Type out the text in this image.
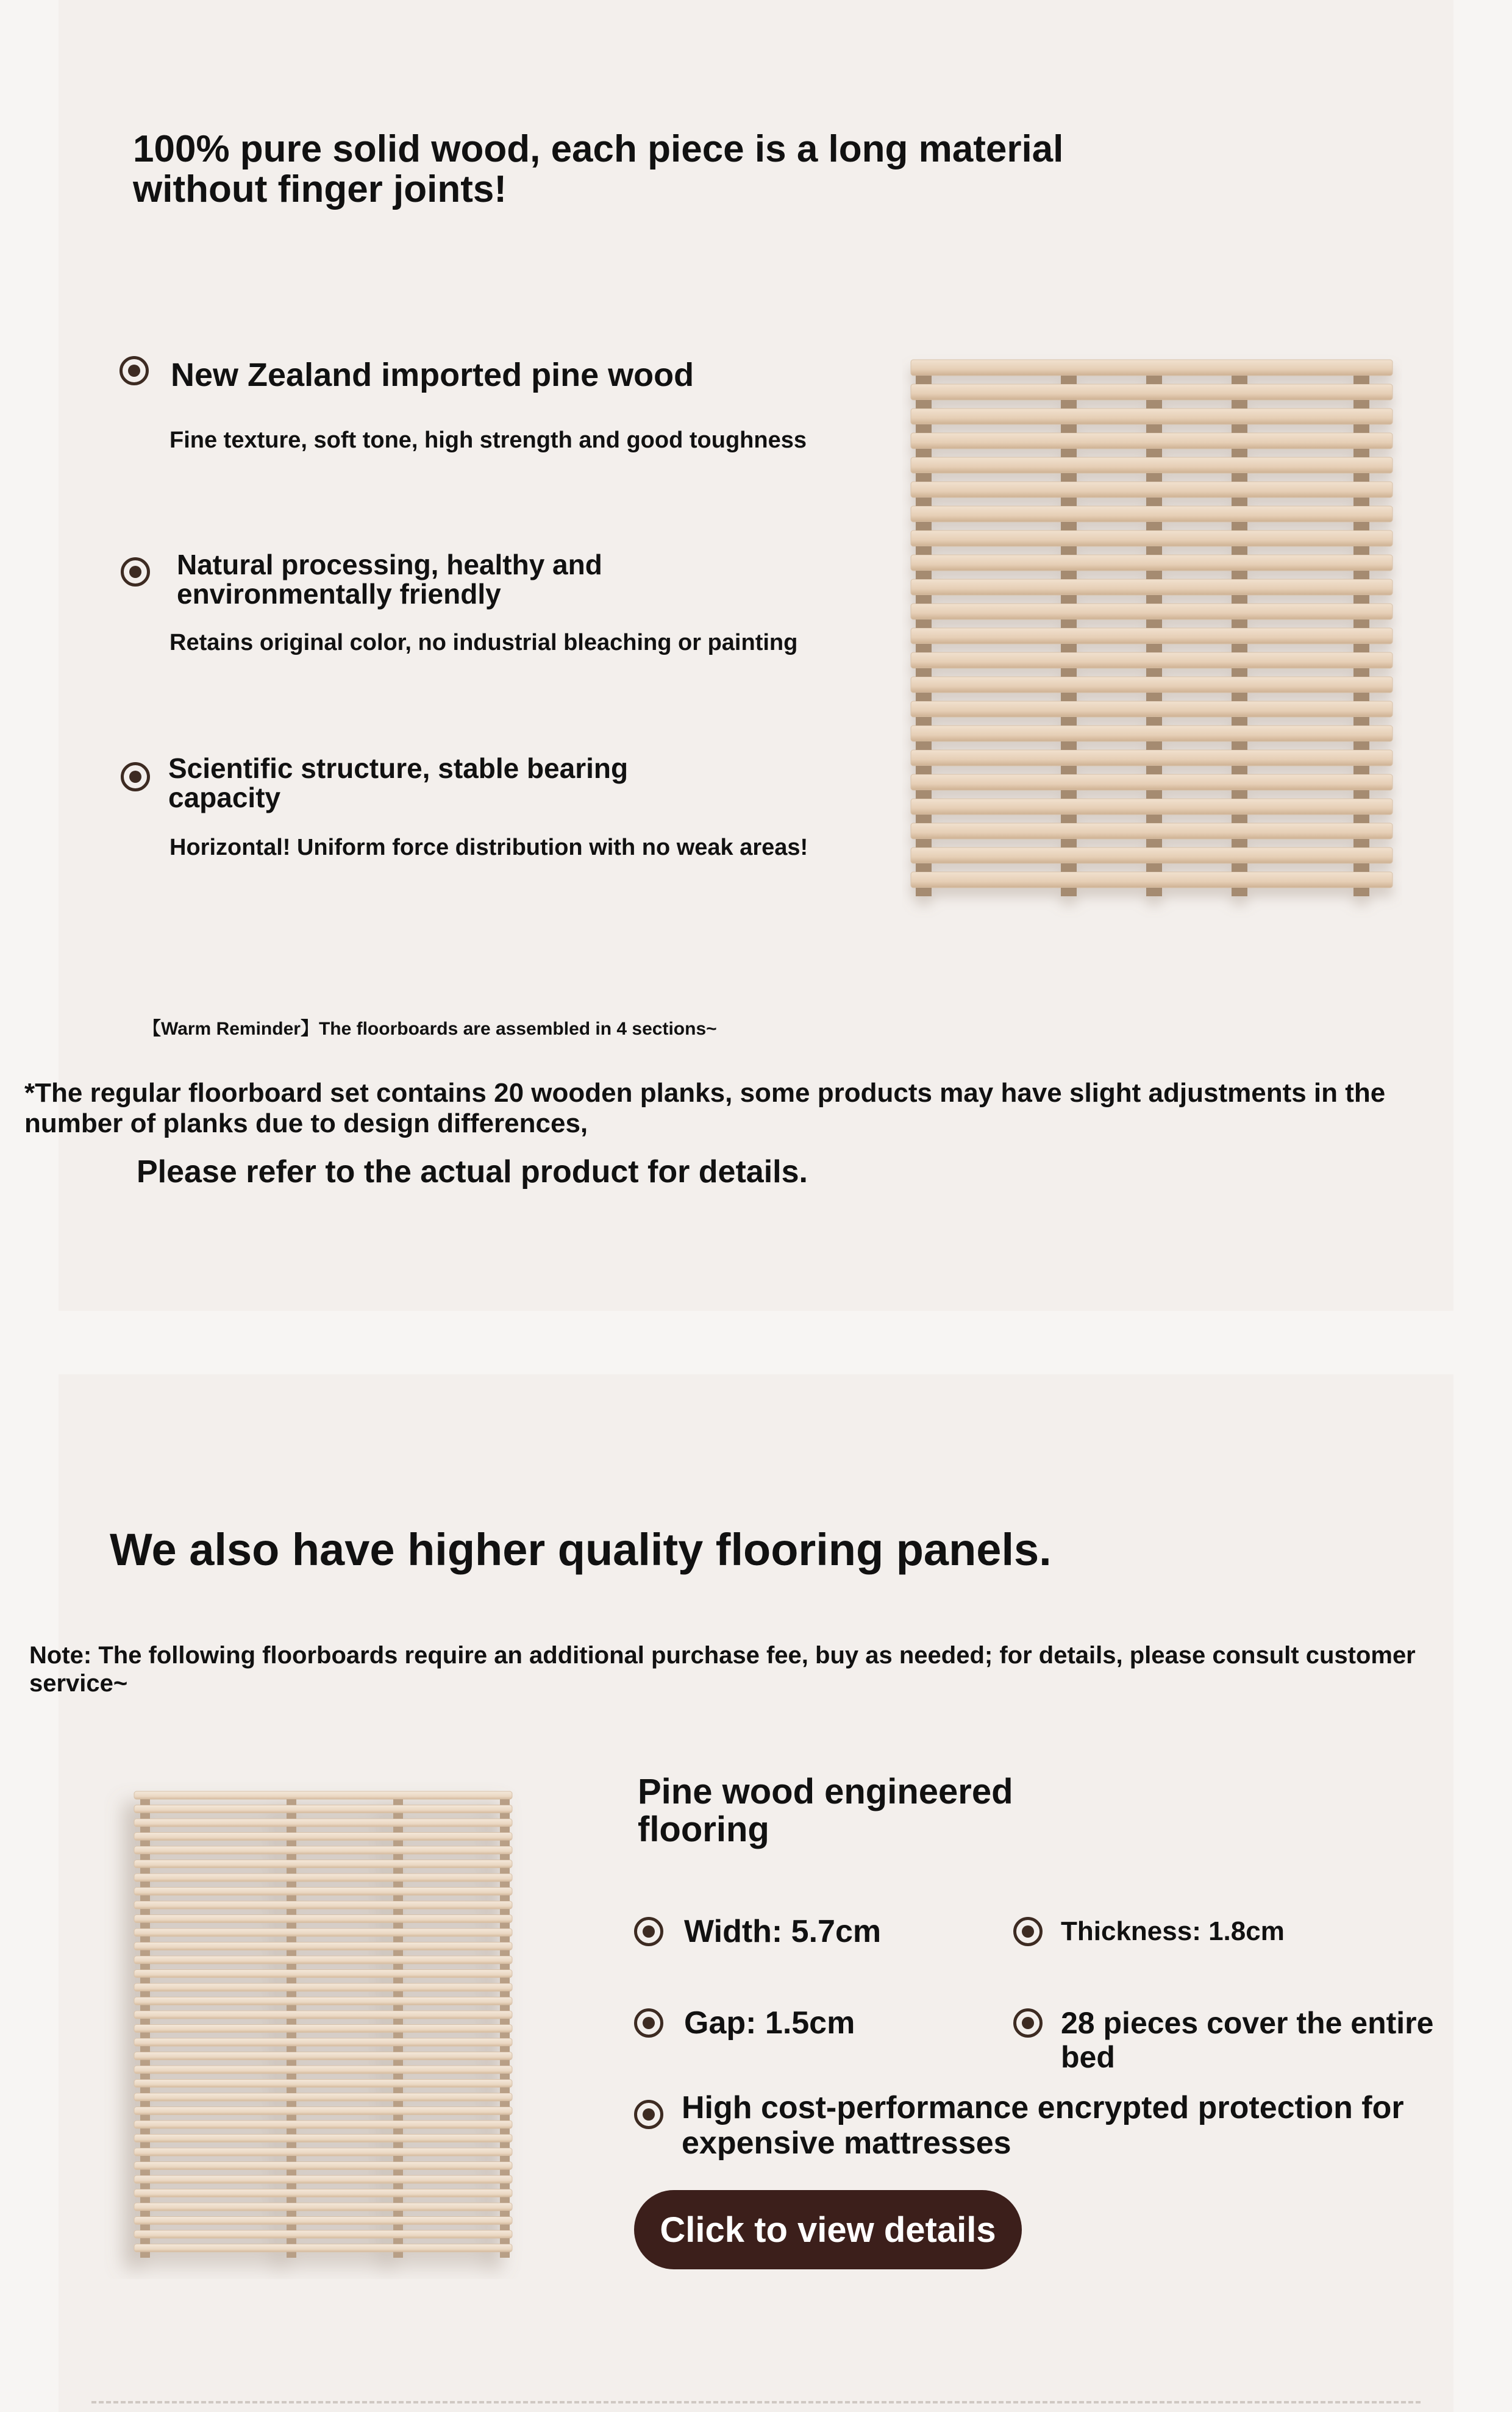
100% pure solid wood, each piece is a long material without finger joints!
New Zealand imported pine wood

Fine texture, soft tone, high strength and good toughness

Natural processing, healthy and environmentally friendly

Retains original color, no industrial bleaching or painting

Scientific structure, stable bearing capacity

Horizontal! Uniform force distribution with no weak areas!

【Warm Reminder】The floorboards are assembled in 4 sections~

*The regular floorboard set contains 20 wooden planks, some products may have slight adjustments in the number of planks due to design differences,

Please refer to the actual product for details.

We also have higher quality flooring panels.

Note: The following floorboards require an additional purchase fee, buy as needed; for details, please consult customer service~

Pine wood engineered flooring

Width: 5.7cm	Thickness: 1.8cm

Gap: 1.5cm	28 pieces cover the entire bed

High cost-performance encrypted protection for expensive mattresses

Click to view details
